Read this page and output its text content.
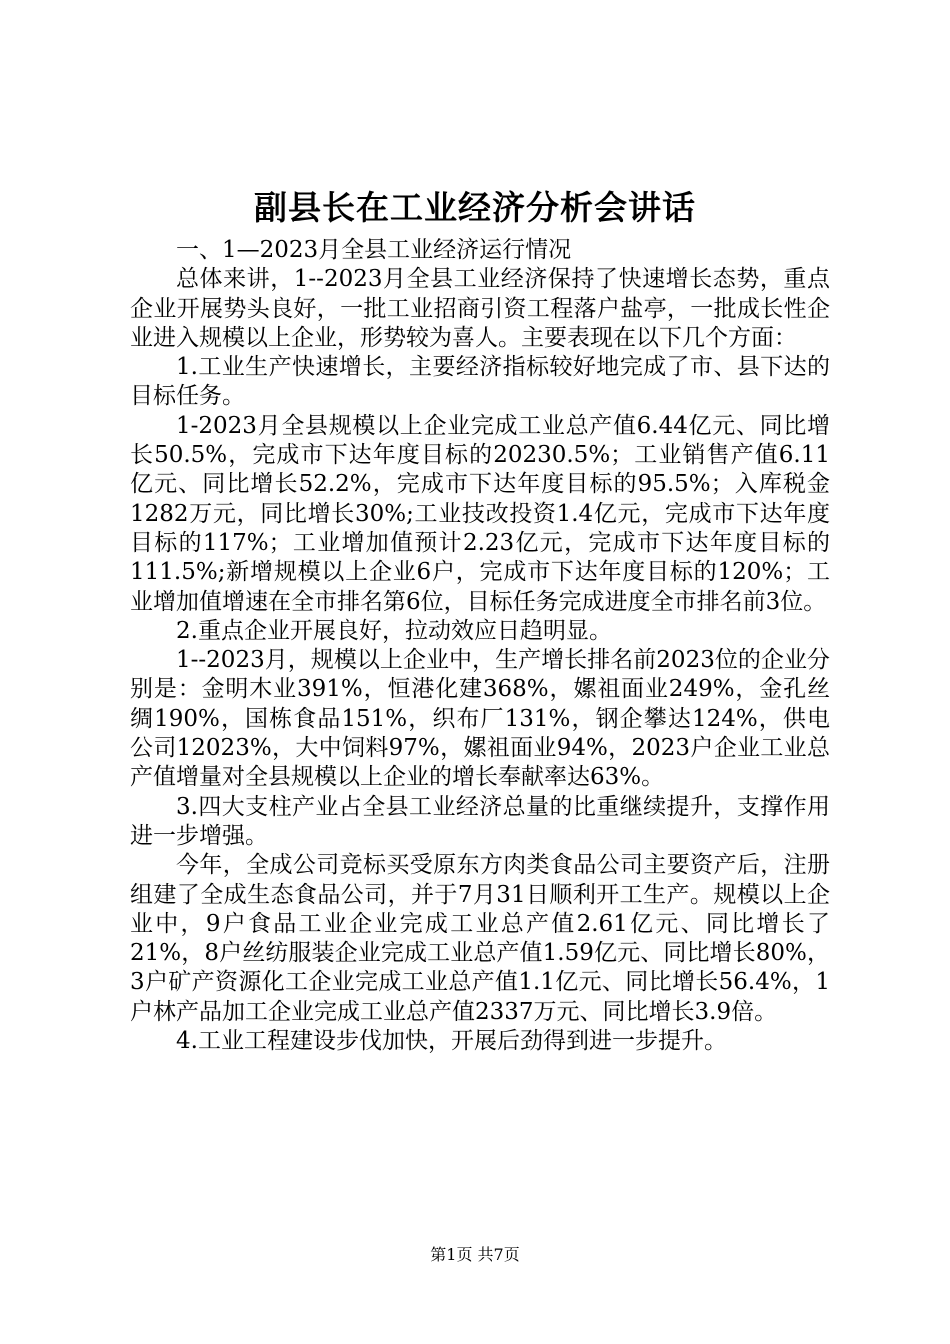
副县长在工业经济分析会讲话

一、1—2023月全县工业经济运行情况

总体来讲，1--2023月全县工业经济保持了快速增长态势，重点企业开展势头良好，一批工业招商引资工程落户盐亭，一批成长性企业进入规模以上企业，形势较为喜人。主要表现在以下几个方面：

1.工业生产快速增长，主要经济指标较好地完成了市、县下达的目标任务。

1-2023月全县规模以上企业完成工业总产值6.44亿元、同比增长50.5%，完成市下达年度目标的20230.5%；工业销售产值6.11亿元、同比增长52.2%，完成市下达年度目标的95.5%；入库税金1282万元，同比增长30%;工业技改投资1.4亿元，完成市下达年度目标的117%；工业增加值预计2.23亿元，完成市下达年度目标的111.5%;新增规模以上企业6户，完成市下达年度目标的120%；工业增加值增速在全市排名第6位，目标任务完成进度全市排名前3位。

2.重点企业开展良好，拉动效应日趋明显。

1--2023月，规模以上企业中，生产增长排名前2023位的企业分别是：金明木业391%，恒港化建368%，嫘祖面业249%，金孔丝绸190%，国栋食品151%，织布厂131%，钢企攀达124%，供电公司12023%，大中饲料97%，嫘祖面业94%，2023户企业工业总产值增量对全县规模以上企业的增长奉献率达63%。

3.四大支柱产业占全县工业经济总量的比重继续提升，支撑作用进一步增强。

今年，全成公司竞标买受原东方肉类食品公司主要资产后，注册组建了全成生态食品公司，并于7月31日顺利开工生产。规模以上企业中，9户食品工业企业完成工业总产值2.61亿元、同比增长了21%，8户丝纺服装企业完成工业总产值1.59亿元、同比增长80%，3户矿产资源化工企业完成工业总产值1.1亿元、同比增长56.4%，1户林产品加工企业完成工业总产值2337万元、同比增长3.9倍。

4.工业工程建设步伐加快，开展后劲得到进一步提升。

第1页 共7页
